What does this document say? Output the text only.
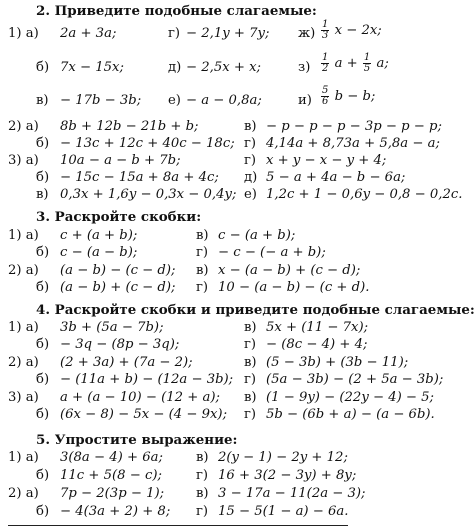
2. Приведите подобные слагаемые:
1) а) 2a + 3a;	г) − 2,1y + 7y; $ж) \frac{1}{3}$ x − 2x;
б) 7x − 15x;	д) − 2,5x + x;	$з) \frac{1}{2}$ $a + \frac{1}{5} a$;
в) − 17b − 3b; е) − a − 0,8a;	$и) \frac{5}{6}$ b − b;
2) а) 8b + 12b − 21b + b;	в) − p − p − p − 3p − p − p;
б) − 13c + 12c + 40c − 18c; г) 4,14a + 8,73a + 5,8a − a;
3) а) 10a − a − b + 7b;	г) x + y − x − y + 4;
б) − 15c − 15a + 8a + 4c; д) 5 − a + 4a − b − 6a;
в) 0,3x + 1,6y − 0,3x − 0,4y; е) 1,2c + 1 − 0,6y − 0,8 − 0,2c.
3. Раскройте скобки:
1) а) c + (a + b);	в) c − (a + b);
б) c − (a − b);	г) − c − (− a + b);
2) а) (a − b) − (c − d); в) x − (a − b) + (c − d);
б) (a − b) + (c − d); г) 10 − (a − b) − (c + d).
4. Раскройте скобки и приведите подобные слагаемые:
1) а) 3b + (5a − 7b);	в) 5x + (11 − 7x);
б) − 3q − (8p − 3q);	г) − (8c − 4) + 4;
2) а) (2 + 3a) + (7a − 2);	в) (5 − 3b) + (3b − 11);
б) − (11a + b) − (12a − 3b); г) (5a − 3b) − (2 + 5a − 3b);
3) а) a + (a − 10) − (12 + a); в) (1 − 9y) − (22y − 4) − 5;
б) (6x − 8) − 5x − (4 − 9x); г) 5b − (6b + a) − (a − 6b).
5. Упростите выражение:
1) а) 3(8a − 4) + 6a;	в) 2(y − 1) − 2y + 12;
б) 11c + 5(8 − c);	г) 16 + 3(2 − 3y) + 8y;
2) а) 7p − 2(3p − 1); в) 3 − 17a − 11(2a − 3);
б) − 4(3a + 2) + 8; г) 15 − 5(1 − a) − 6a.
